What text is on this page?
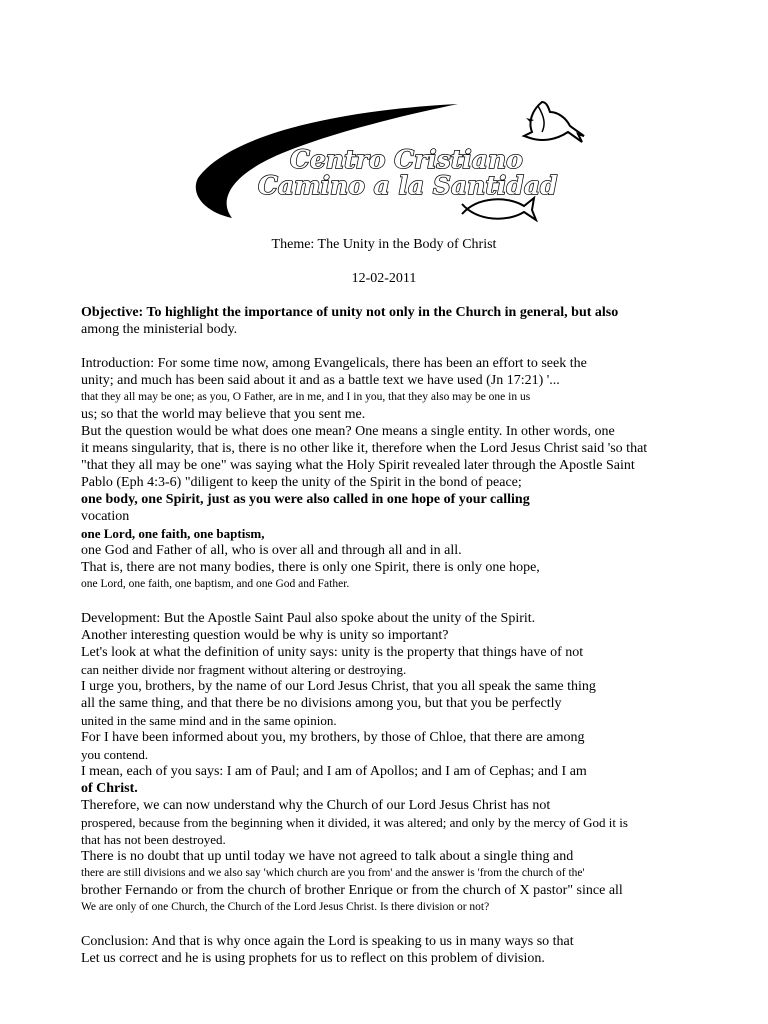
Centro Cristiano
Camino a la Santidad
Theme: The Unity in the Body of Christ
12-02-2011
Objective: To highlight the importance of unity not only in the Church in general, but also
among the ministerial body.
Introduction: For some time now, among Evangelicals, there has been an effort to seek the
unity; and much has been said about it and as a battle text we have used (Jn 17:21) '...
that they all may be one; as you, O Father, are in me, and I in you, that they also may be one in us
us; so that the world may believe that you sent me.
But the question would be what does one mean? One means a single entity. In other words, one
it means singularity, that is, there is no other like it, therefore when the Lord Jesus Christ said 'so that
"that they all may be one" was saying what the Holy Spirit revealed later through the Apostle Saint
Pablo (Eph 4:3-6) "diligent to keep the unity of the Spirit in the bond of peace;
one body, one Spirit, just as you were also called in one hope of your calling
vocation
one Lord, one faith, one baptism,
one God and Father of all, who is over all and through all and in all.
That is, there are not many bodies, there is only one Spirit, there is only one hope,
one Lord, one faith, one baptism, and one God and Father.
Development: But the Apostle Saint Paul also spoke about the unity of the Spirit.
Another interesting question would be why is unity so important?
Let's look at what the definition of unity says: unity is the property that things have of not
can neither divide nor fragment without altering or destroying.
I urge you, brothers, by the name of our Lord Jesus Christ, that you all speak the same thing
all the same thing, and that there be no divisions among you, but that you be perfectly
united in the same mind and in the same opinion.
For I have been informed about you, my brothers, by those of Chloe, that there are among
you contend.
I mean, each of you says: I am of Paul; and I am of Apollos; and I am of Cephas; and I am
of Christ.
Therefore, we can now understand why the Church of our Lord Jesus Christ has not
prospered, because from the beginning when it divided, it was altered; and only by the mercy of God it is
that has not been destroyed.
There is no doubt that up until today we have not agreed to talk about a single thing and
there are still divisions and we also say 'which church are you from' and the answer is 'from the church of the'
brother Fernando or from the church of brother Enrique or from the church of X pastor" since all
We are only of one Church, the Church of the Lord Jesus Christ. Is there division or not?
Conclusion: And that is why once again the Lord is speaking to us in many ways so that
Let us correct and he is using prophets for us to reflect on this problem of division.
